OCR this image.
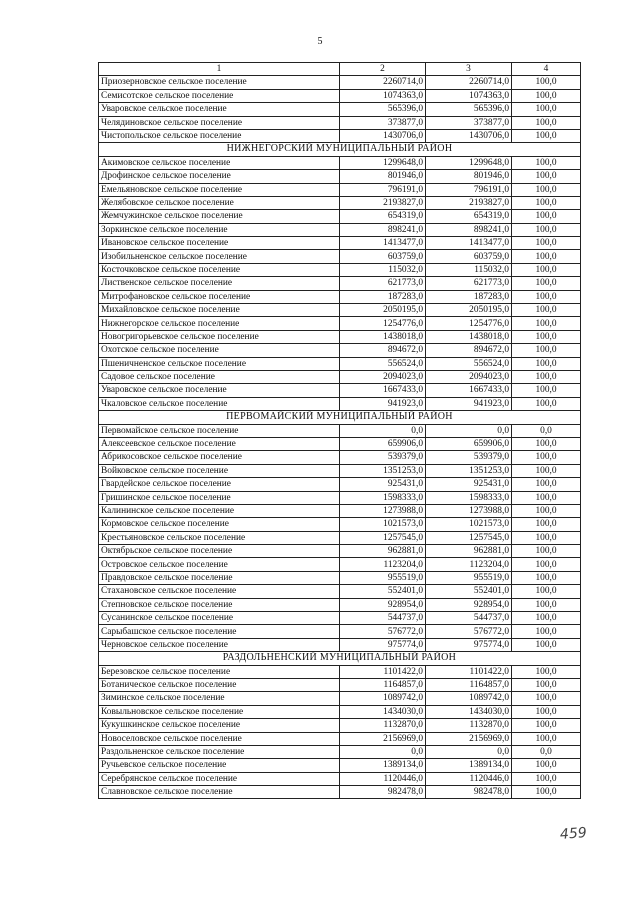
5
1	2	3	4
Приозерновское сельское поселение	2260714,0	2260714,0	100,0
Семисотское сельское поселение	1074363,0	1074363,0	100,0
Уваровское сельское поселение	565396,0	565396,0	100,0
Челядиновское сельское поселение	373877,0	373877,0	100,0
Чистопольское сельское поселение	1430706,0	1430706,0	100,0
НИЖНЕГОРСКИЙ МУНИЦИПАЛЬНЫЙ РАЙОН			
Акимовское сельское поселение	1299648,0	1299648,0	100,0
Дрофинское сельское поселение	801946,0	801946,0	100,0
Емельяновское сельское поселение	796191,0	796191,0	100,0
Желябовское сельское поселение	2193827,0	2193827,0	100,0
Жемчужинское сельское поселение	654319,0	654319,0	100,0
Зоркинское сельское поселение	898241,0	898241,0	100,0
Ивановское сельское поселение	1413477,0	1413477,0	100,0
Изобильненское сельское поселение	603759,0	603759,0	100,0
Косточковское сельское поселение	115032,0	115032,0	100,0
Лиственское сельское поселение	621773,0	621773,0	100,0
Митрофановское сельское поселение	187283,0	187283,0	100,0
Михайловское сельское поселение	2050195,0	2050195,0	100,0
Нижнегорское сельское поселение	1254776,0	1254776,0	100,0
Новогригорьевское сельское поселение	1438018,0	1438018,0	100,0
Охотское сельское поселение	894672,0	894672,0	100,0
Пшеничненское сельское поселение	556524,0	556524,0	100,0
Садовое сельское поселение	2094023,0	2094023,0	100,0
Уваровское сельское поселение	1667433,0	1667433,0	100,0
Чкаловское сельское поселение	941923,0	941923,0	100,0
ПЕРВОМАЙСКИЙ МУНИЦИПАЛЬНЫЙ РАЙОН			
Первомайское сельское поселение	0,0	0,0	0,0
Алексеевское сельское поселение	659906,0	659906,0	100,0
Абрикосовское сельское поселение	539379,0	539379,0	100,0
Войковское сельское поселение	1351253,0	1351253,0	100,0
Гвардейское сельское поселение	925431,0	925431,0	100,0
Гришинское сельское поселение	1598333,0	1598333,0	100,0
Калининское сельское поселение	1273988,0	1273988,0	100,0
Кормовское сельское поселение	1021573,0	1021573,0	100,0
Крестьяновское сельское поселение	1257545,0	1257545,0	100,0
Октябрьское сельское поселение	962881,0	962881,0	100,0
Островское сельское поселение	1123204,0	1123204,0	100,0
Правдовское сельское поселение	955519,0	955519,0	100,0
Стахановское сельское поселение	552401,0	552401,0	100,0
Степновское сельское поселение	928954,0	928954,0	100,0
Сусанинское сельское поселение	544737,0	544737,0	100,0
Сарыбашское сельское поселение	576772,0	576772,0	100,0
Черновское сельское поселение	975774,0	975774,0	100,0
РАЗДОЛЬНЕНСКИЙ МУНИЦИПАЛЬНЫЙ РАЙОН			
Березовское сельское поселение	1101422,0	1101422,0	100,0
Ботаническое сельское поселение	1164857,0	1164857,0	100,0
Зиминское сельское поселение	1089742,0	1089742,0	100,0
Ковыльновское сельское поселение	1434030,0	1434030,0	100,0
Кукушкинское сельское поселение	1132870,0	1132870,0	100,0
Новоселовское сельское поселение	2156969,0	2156969,0	100,0
Раздольненское сельское поселение	0,0	0,0	0,0
Ручьевское сельское поселение	1389134,0	1389134,0	100,0
Серебрянское сельское поселение	1120446,0	1120446,0	100,0
Славновское сельское поселение	982478,0	982478,0	100,0
459
